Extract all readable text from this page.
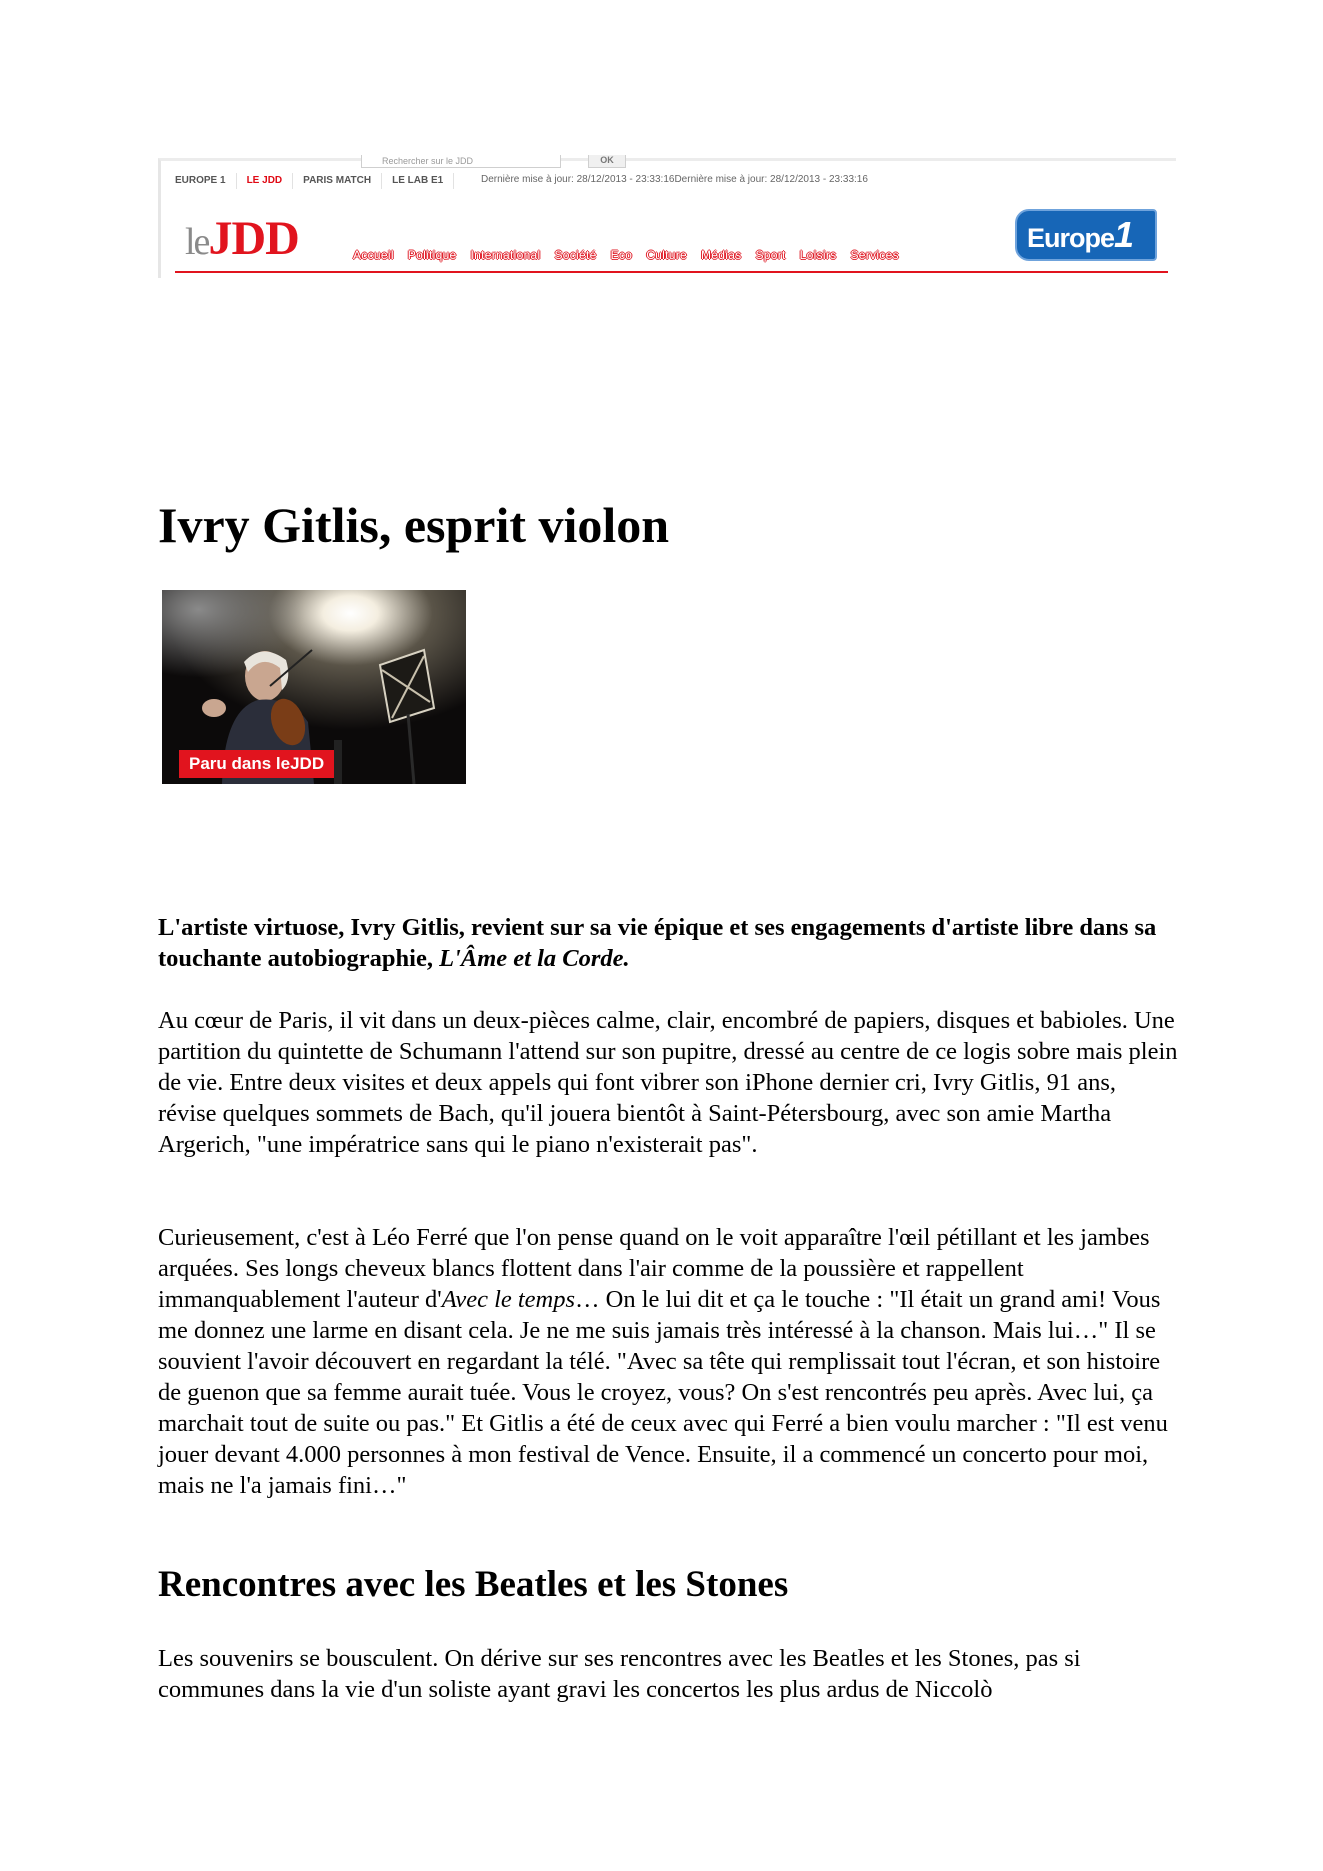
Rechercher sur le JDD	OK
EUROPE 1	LE JDD	PARIS MATCH	LE LAB E1	Dernière mise à jour: 28/12/2013 - 23:33:16Dernière mise à jour: 28/12/2013 - 23:33:16
leJDD	Accueil Politique International Société Eco Culture Médias Sport Loisirs Services
Europe1
Ivry Gitlis, esprit violon
Paru dans leJDD

L'artiste virtuose, Ivry Gitlis, revient sur sa vie épique et ses engagements d'artiste libre dans sa touchante autobiographie, L'Âme et la Corde.

Au cœur de Paris, il vit dans un deux-pièces calme, clair, encombré de papiers, disques et babioles. Une partition du quintette de Schumann l'attend sur son pupitre, dressé au centre de ce logis sobre mais plein de vie. Entre deux visites et deux appels qui font vibrer son iPhone dernier cri, Ivry Gitlis, 91 ans, révise quelques sommets de Bach, qu'il jouera bientôt à Saint-Pétersbourg, avec son amie Martha Argerich, "une impératrice sans qui le piano n'existerait pas".

Curieusement, c'est à Léo Ferré que l'on pense quand on le voit apparaître l'œil pétillant et les jambes arquées. Ses longs cheveux blancs flottent dans l'air comme de la poussière et rappellent immanquablement l'auteur d'Avec le temps… On le lui dit et ça le touche : "Il était un grand ami! Vous me donnez une larme en disant cela. Je ne me suis jamais très intéressé à la chanson. Mais lui…" Il se souvient l'avoir découvert en regardant la télé. "Avec sa tête qui remplissait tout l'écran, et son histoire de guenon que sa femme aurait tuée. Vous le croyez, vous? On s'est rencontrés peu après. Avec lui, ça marchait tout de suite ou pas." Et Gitlis a été de ceux avec qui Ferré a bien voulu marcher : "Il est venu jouer devant 4.000 personnes à mon festival de Vence. Ensuite, il a commencé un concerto pour moi, mais ne l'a jamais fini…"

Rencontres avec les Beatles et les Stones

Les souvenirs se bousculent. On dérive sur ses rencontres avec les Beatles et les Stones, pas si communes dans la vie d'un soliste ayant gravi les concertos les plus ardus de Niccolò
